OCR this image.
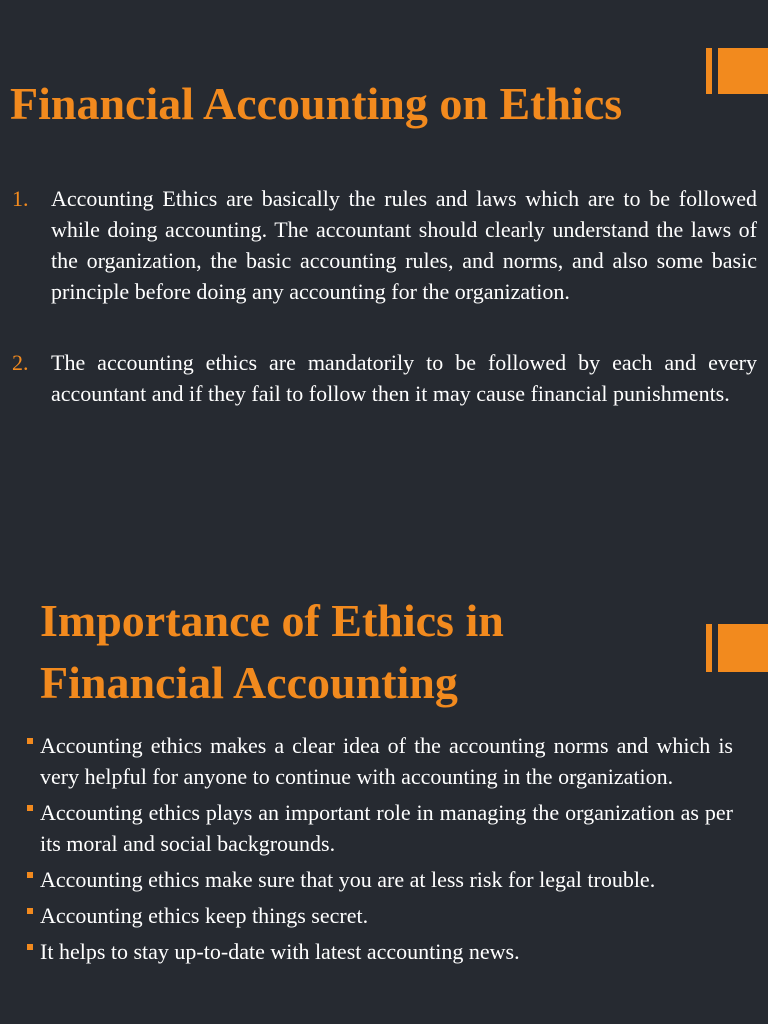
Financial Accounting on Ethics
1. Accounting Ethics are basically the rules and laws which are to be followed while doing accounting. The accountant should clearly understand the laws of the organization, the basic accounting rules, and norms, and also some basic principle before doing any accounting for the organization.
2. The accounting ethics are mandatorily to be followed by each and every accountant and if they fail to follow then it may cause financial punishments.
Importance of Ethics in
Financial Accounting
Accounting ethics makes a clear idea of the accounting norms and which is very helpful for anyone to continue with accounting in the organization.
Accounting ethics plays an important role in managing the organization as per its moral and social backgrounds.
Accounting ethics make sure that you are at less risk for legal trouble.
Accounting ethics keep things secret.
It helps to stay up-to-date with latest accounting news.
